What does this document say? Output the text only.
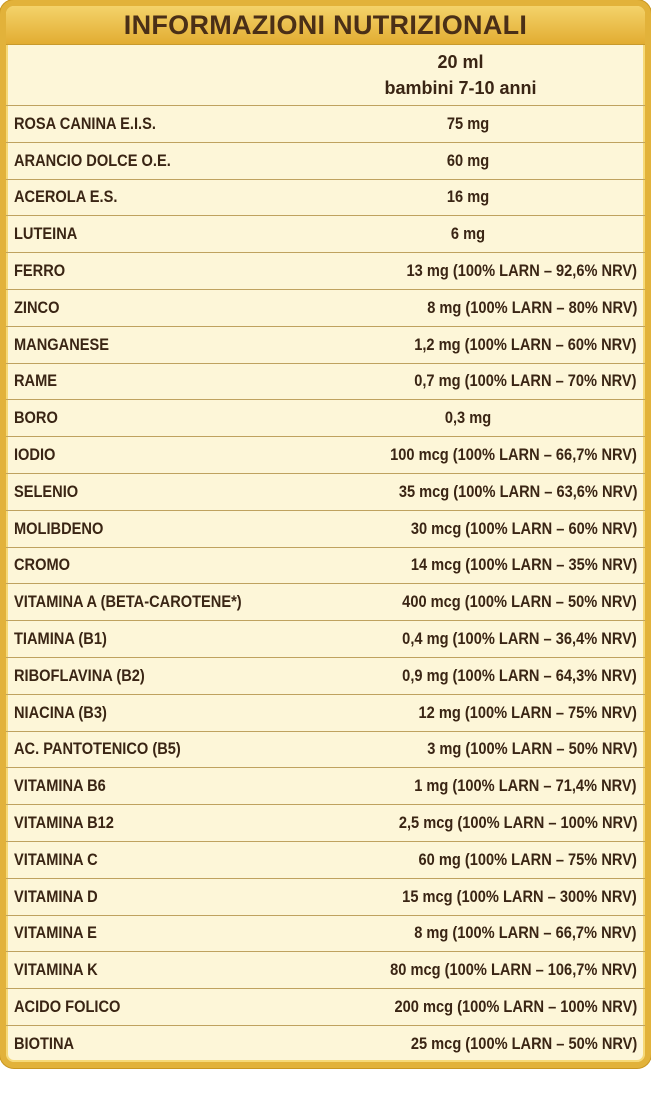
INFORMAZIONI NUTRIZIONALI
20 ml
bambini 7-10 anni
ROSA CANINA E.I.S.	75 mg
ARANCIO DOLCE O.E.	60 mg
ACEROLA E.S.	16 mg
LUTEINA	6 mg
FERRO	13 mg (100% LARN – 92,6% NRV)
ZINCO	8 mg (100% LARN – 80% NRV)
MANGANESE	1,2 mg (100% LARN – 60% NRV)
RAME	0,7 mg (100% LARN – 70% NRV)
BORO	0,3 mg
IODIO	100 mcg (100% LARN – 66,7% NRV)
SELENIO	35 mcg (100% LARN – 63,6% NRV)
MOLIBDENO	30 mcg (100% LARN – 60% NRV)
CROMO	14 mcg (100% LARN – 35% NRV)
VITAMINA A (BETA-CAROTENE*)	400 mcg (100% LARN – 50% NRV)
TIAMINA (B1)	0,4 mg (100% LARN – 36,4% NRV)
RIBOFLAVINA (B2)	0,9 mg (100% LARN – 64,3% NRV)
NIACINA (B3)	12 mg (100% LARN – 75% NRV)
AC. PANTOTENICO (B5)	3 mg (100% LARN – 50% NRV)
VITAMINA B6	1 mg (100% LARN – 71,4% NRV)
VITAMINA B12	2,5 mcg (100% LARN – 100% NRV)
VITAMINA C	60 mg (100% LARN – 75% NRV)
VITAMINA D	15 mcg (100% LARN – 300% NRV)
VITAMINA E	8 mg (100% LARN – 66,7% NRV)
VITAMINA K	80 mcg (100% LARN – 106,7% NRV)
ACIDO FOLICO	200 mcg (100% LARN – 100% NRV)
BIOTINA	25 mcg (100% LARN – 50% NRV)
